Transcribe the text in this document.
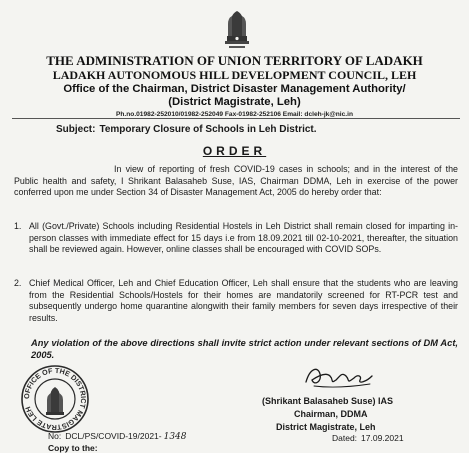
THE ADMINISTRATION OF UNION TERRITORY OF LADAKH
LADAKH AUTONOMOUS HILL DEVELOPMENT COUNCIL, LEH
Office of the Chairman, District Disaster Management Authority/
(District Magistrate, Leh)
Ph.no.01982-252010/01982-252049 Fax-01982-252106 Email: dcleh-jk@nic.in
Subject: Temporary Closure of Schools in Leh District.
ORDER
In view of reporting of fresh COVID-19 cases in schools; and in the interest of the Public health and safety, I Shrikant Balasaheb Suse, IAS, Chairman DDMA, Leh in exercise of the power conferred upon me under Section 34 of Disaster Management Act, 2005 do hereby order that:
1. All (Govt./Private) Schools including Residential Hostels in Leh District shall remain closed for imparting in-person classes with immediate effect for 15 days i.e from 18.09.2021 till 02-10-2021, thereafter, the situation shall be reviewed again. However, online classes shall be encouraged with COVID SOPs.
2. Chief Medical Officer, Leh and Chief Education Officer, Leh shall ensure that the students who are leaving from the Residential Schools/Hostels for their homes are mandatorily screened for RT-PCR test and subsequently undergo home quarantine alongwith their family members for seven days irrespective of their results.
Any violation of the above directions shall invite strict action under relevant sections of DM Act, 2005.
OFFICE OF THE DISTRICT MAGISTRATE LEH
(Shrikant Balasaheb Suse) IAS
Chairman, DDMA
District Magistrate, Leh
No: DCL/PS/COVID-19/2021- 1348	Dated: 17.09.2021
Copy to the:
